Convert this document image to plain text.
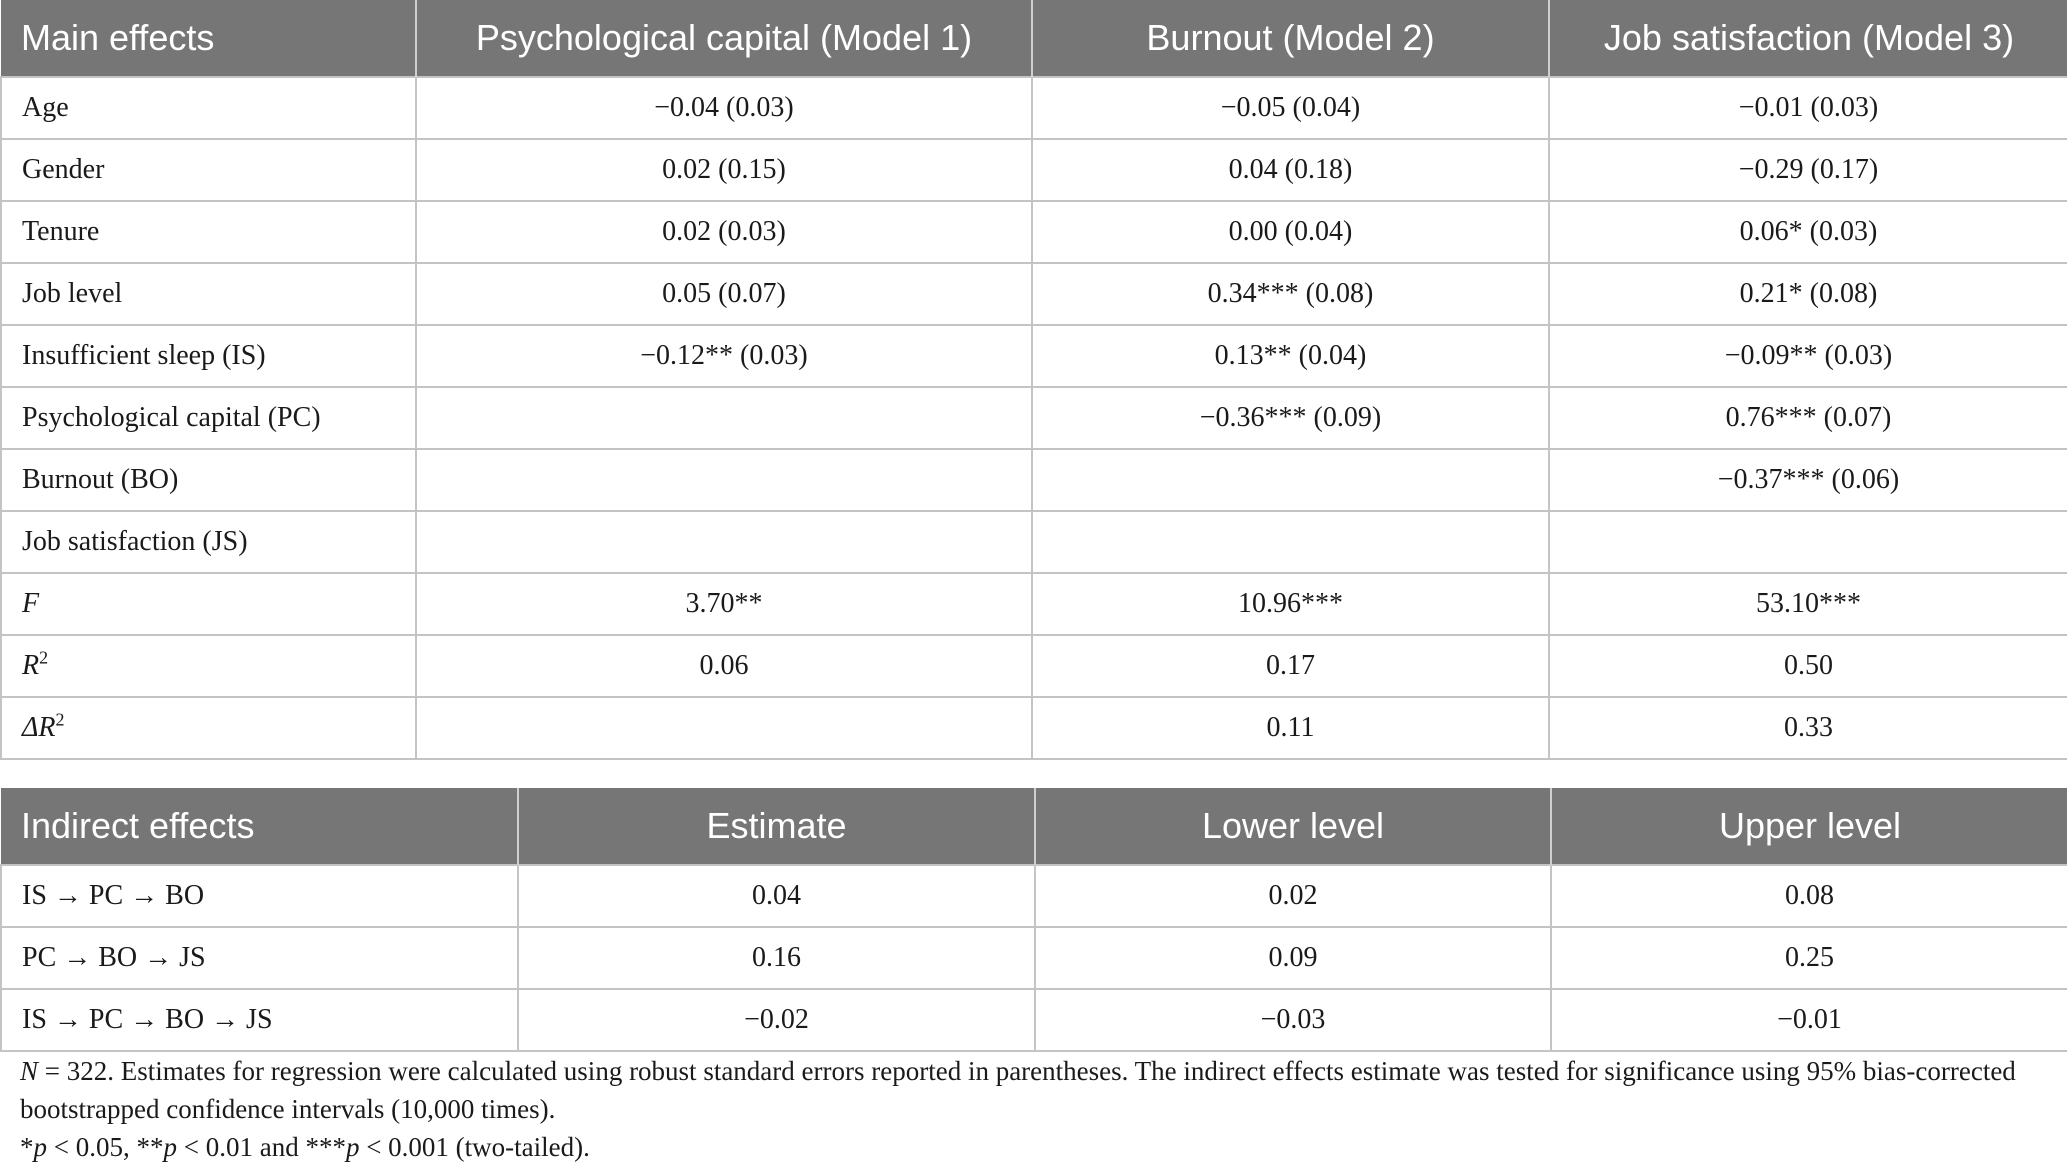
Main effects	Psychological capital (Model 1)	Burnout (Model 2)	Job satisfaction (Model 3)
Age	−0.04 (0.03)	−0.05 (0.04)	−0.01 (0.03)
Gender	0.02 (0.15)	0.04 (0.18)	−0.29 (0.17)
Tenure	0.02 (0.03)	0.00 (0.04)	0.06* (0.03)
Job level	0.05 (0.07)	0.34*** (0.08)	0.21* (0.08)
Insufficient sleep (IS)	−0.12** (0.03)	0.13** (0.04)	−0.09** (0.03)
Psychological capital (PC)		−0.36*** (0.09)	0.76*** (0.07)
Burnout (BO)			−0.37*** (0.06)
Job satisfaction (JS)			
F	3.70**	10.96***	53.10***
$R^2$	0.06	0.17	0.50
$\Delta R^2$		0.11	0.33
Indirect effects	Estimate	Lower level	Upper level
IS → PC → BO	0.04	0.02	0.08
PC → BO → JS	0.16	0.09	0.25
IS → PC → BO → JS	−0.02	−0.03	−0.01

N = 322. Estimates for regression were calculated using robust standard errors reported in parentheses. The indirect effects estimate was tested for significance using 95% bias-corrected bootstrapped confidence intervals (10,000 times).

*p < 0.05, **p < 0.01 and ***p < 0.001 (two-tailed).
